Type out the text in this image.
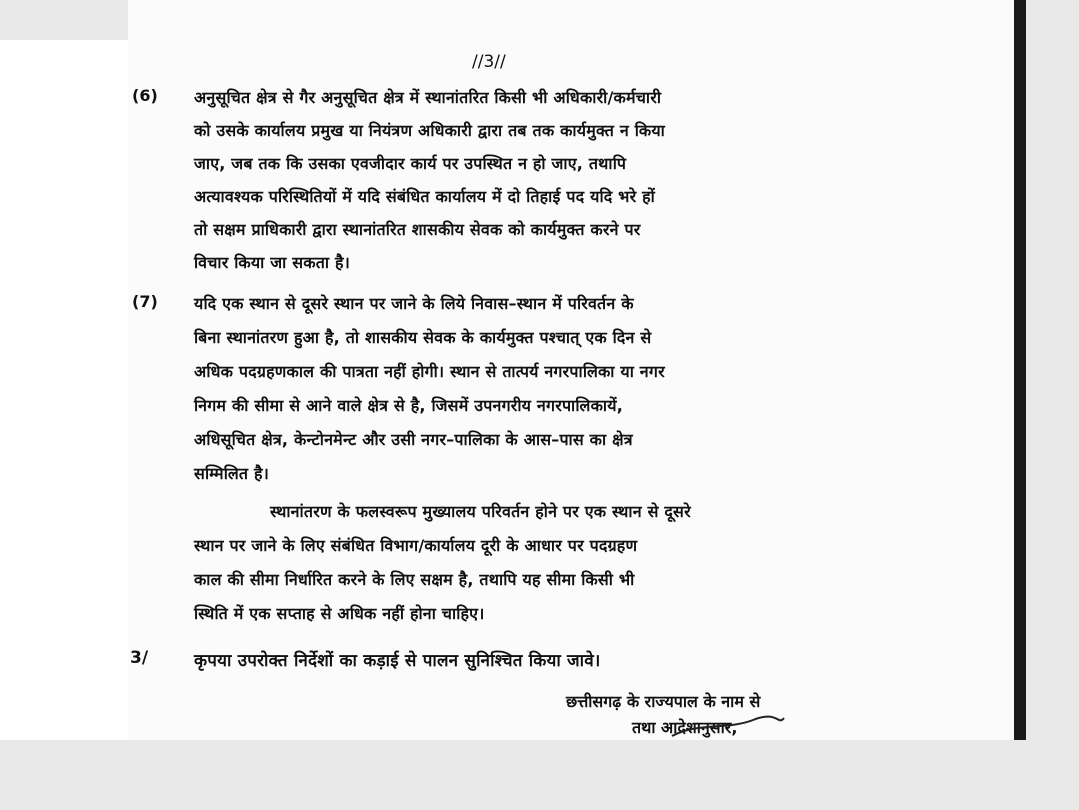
//3//
(6) अनुसूचित क्षेत्र से गैर अनुसूचित क्षेत्र में स्थानांतरित किसी भी अधिकारी/कर्मचारी
को उसके कार्यालय प्रमुख या नियंत्रण अधिकारी द्वारा तब तक कार्यमुक्त न किया
जाए, जब तक कि उसका एवजीदार कार्य पर उपस्थित न हो जाए, तथापि
अत्यावश्यक परिस्थितियों में यदि संबंधित कार्यालय में दो तिहाई पद यदि भरे हों
तो सक्षम प्राधिकारी द्वारा स्थानांतरित शासकीय सेवक को कार्यमुक्त करने पर
विचार किया जा सकता है।
(7) यदि एक स्थान से दूसरे स्थान पर जाने के लिये निवास–स्थान में परिवर्तन के
बिना स्थानांतरण हुआ है, तो शासकीय सेवक के कार्यमुक्त पश्चात् एक दिन से
अधिक पदग्रहणकाल की पात्रता नहीं होगी। स्थान से तात्पर्य नगरपालिका या नगर
निगम की सीमा से आने वाले क्षेत्र से है, जिसमें उपनगरीय नगरपालिकायें,
अधिसूचित क्षेत्र, केन्टोनमेन्ट और उसी नगर–पालिका के आस–पास का क्षेत्र
सम्मिलित है।
स्थानांतरण के फलस्वरूप मुख्यालय परिवर्तन होने पर एक स्थान से दूसरे
स्थान पर जाने के लिए संबंधित विभाग/कार्यालय दूरी के आधार पर पदग्रहण
काल की सीमा निर्धारित करने के लिए सक्षम है, तथापि यह सीमा किसी भी
स्थिति में एक सप्ताह से अधिक नहीं होना चाहिए।
3/	कृपया उपरोक्त निर्देशों का कड़ाई से पालन सुनिश्चित किया जावे।
छत्तीसगढ़ के राज्यपाल के नाम से
तथा आदेशानुसार,
